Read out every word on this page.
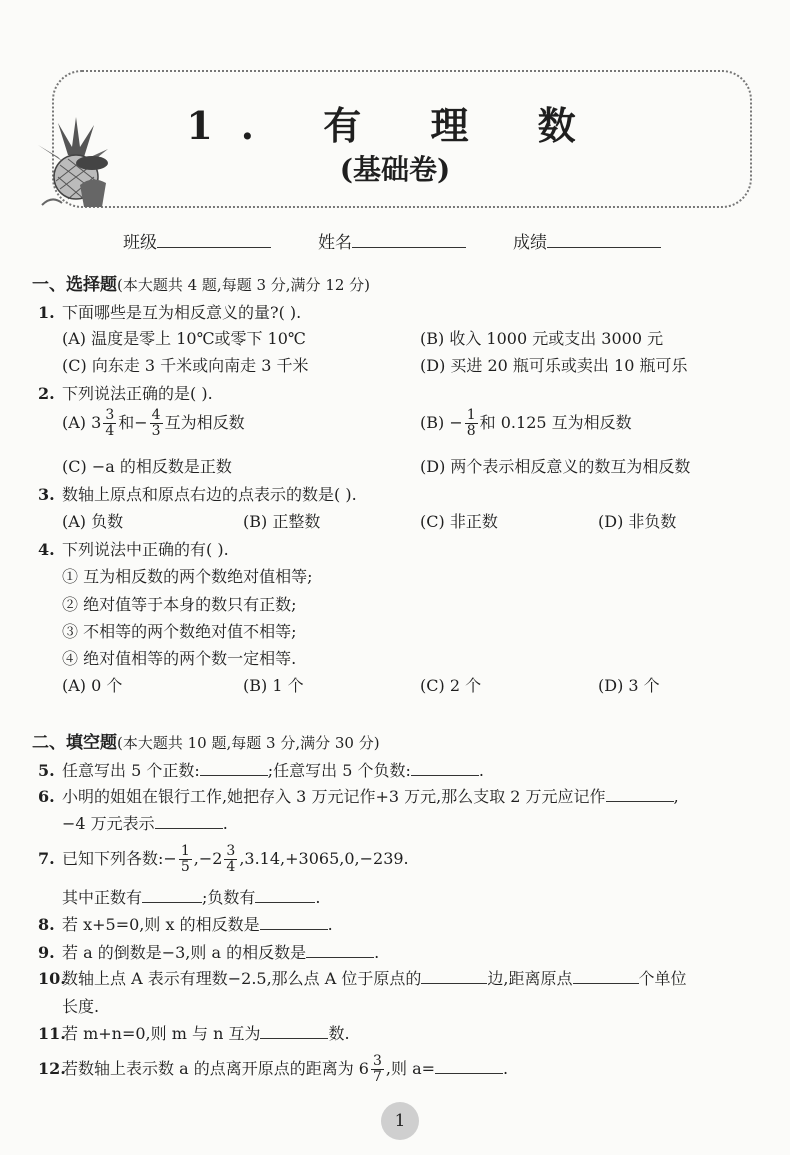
1. 有 理 数
(基础卷)
班级	姓名	成绩
一、选择题(本大题共 4 题,每题 3 分,满分 12 分)
1. 下面哪些是互为相反意义的量?( ).
(A) 温度是零上 10℃或零下 10℃	(B) 收入 1000 元或支出 3000 元
(C) 向东走 3 千米或向南走 3 千米	(D) 买进 20 瓶可乐或卖出 10 瓶可乐
2. 下列说法正确的是( ).
(A) $3 \frac{3}{4}$ 和− $\frac{4}{3}$ 互为相反数	$(B) - \frac{1}{8}$ 和 0.125 互为相反数
(C) −a 的相反数是正数	(D) 两个表示相反意义的数互为相反数
3. 数轴上原点和原点右边的点表示的数是( ).
(A) 负数	(B) 正整数	(C) 非正数	(D) 非负数
4. 下列说法中正确的有( ).
① 互为相反数的两个数绝对值相等;
② 绝对值等于本身的数只有正数;
③ 不相等的两个数绝对值不相等;
④ 绝对值相等的两个数一定相等.
(A) 0 个	(B) 1 个	(C) 2 个	(D) 3 个
二、填空题(本大题共 10 题,每题 3 分,满分 30 分)
5. 任意写出 5 个正数:	;任意写出 5 个负数:	.
6. 小明的姐姐在银行工作,她把存入 3 万元记作+3 万元,那么支取 2 万元应记作	,
−4 万元表示	.
7. 已知下列各数:− $\frac{1}{5} ,-2 \frac{3}{4} ,3.14,+3065,0,-239$.
其中正数有	;负数有	.
8. 若 x+5=0,则 x 的相反数是	.
9. 若 a 的倒数是−3,则 a 的相反数是	.
10.数轴上点 A 表示有理数−2.5,那么点 A 位于原点的	边,距离原点	个单位
长度.
11.若 m+n=0,则 m 与 n 互为	数.
12.若数轴上表示数 a 的点离开原点的距离为 $6 \frac{3}{7}$ ,则 a=	.
1
